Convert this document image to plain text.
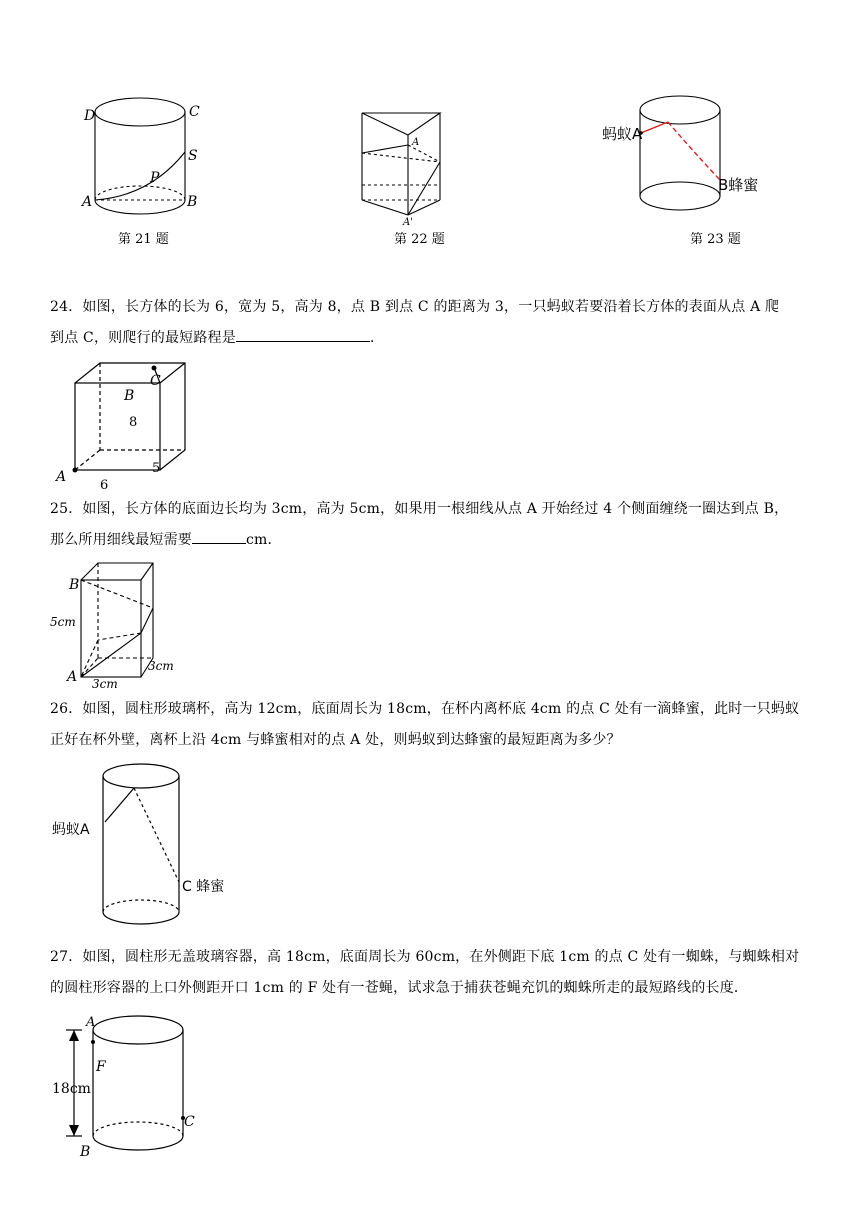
D	C
S
P
A	B
第 21 题
A
A'
第 22 题
蚂蚁A
B蜂蜜
第 23 题

24．如图，长方体的长为 6，宽为 5，高为 8，点 B 到点 C 的距离为 3，一只蚂蚁若要沿着长方体的表面从点 A 爬

到点 C，则爬行的最短路程是	．

C
B
8
A
6
5

25．如图，长方体的底面边长均为 3cm，高为 5cm，如果用一根细线从点 A 开始经过 4 个侧面缠绕一圈达到点 B，

那么所用细线最短需要	cm．

B
5cm
A
3cm
3cm

26．如图，圆柱形玻璃杯，高为 12cm，底面周长为 18cm，在杯内离杯底 4cm 的点 C 处有一滴蜂蜜，此时一只蚂蚁

正好在杯外壁，离杯上沿 4cm 与蜂蜜相对的点 A 处，则蚂蚁到达蜂蜜的最短距离为多少？

蚂蚁A
C 蜂蜜

27．如图，圆柱形无盖玻璃容器，高 18cm，底面周长为 60cm，在外侧距下底 1cm 的点 C 处有一蜘蛛，与蜘蛛相对

的圆柱形容器的上口外侧距开口 1cm 的 F 处有一苍蝇，试求急于捕获苍蝇充饥的蜘蛛所走的最短路线的长度．

A
F
C
B
18cm
